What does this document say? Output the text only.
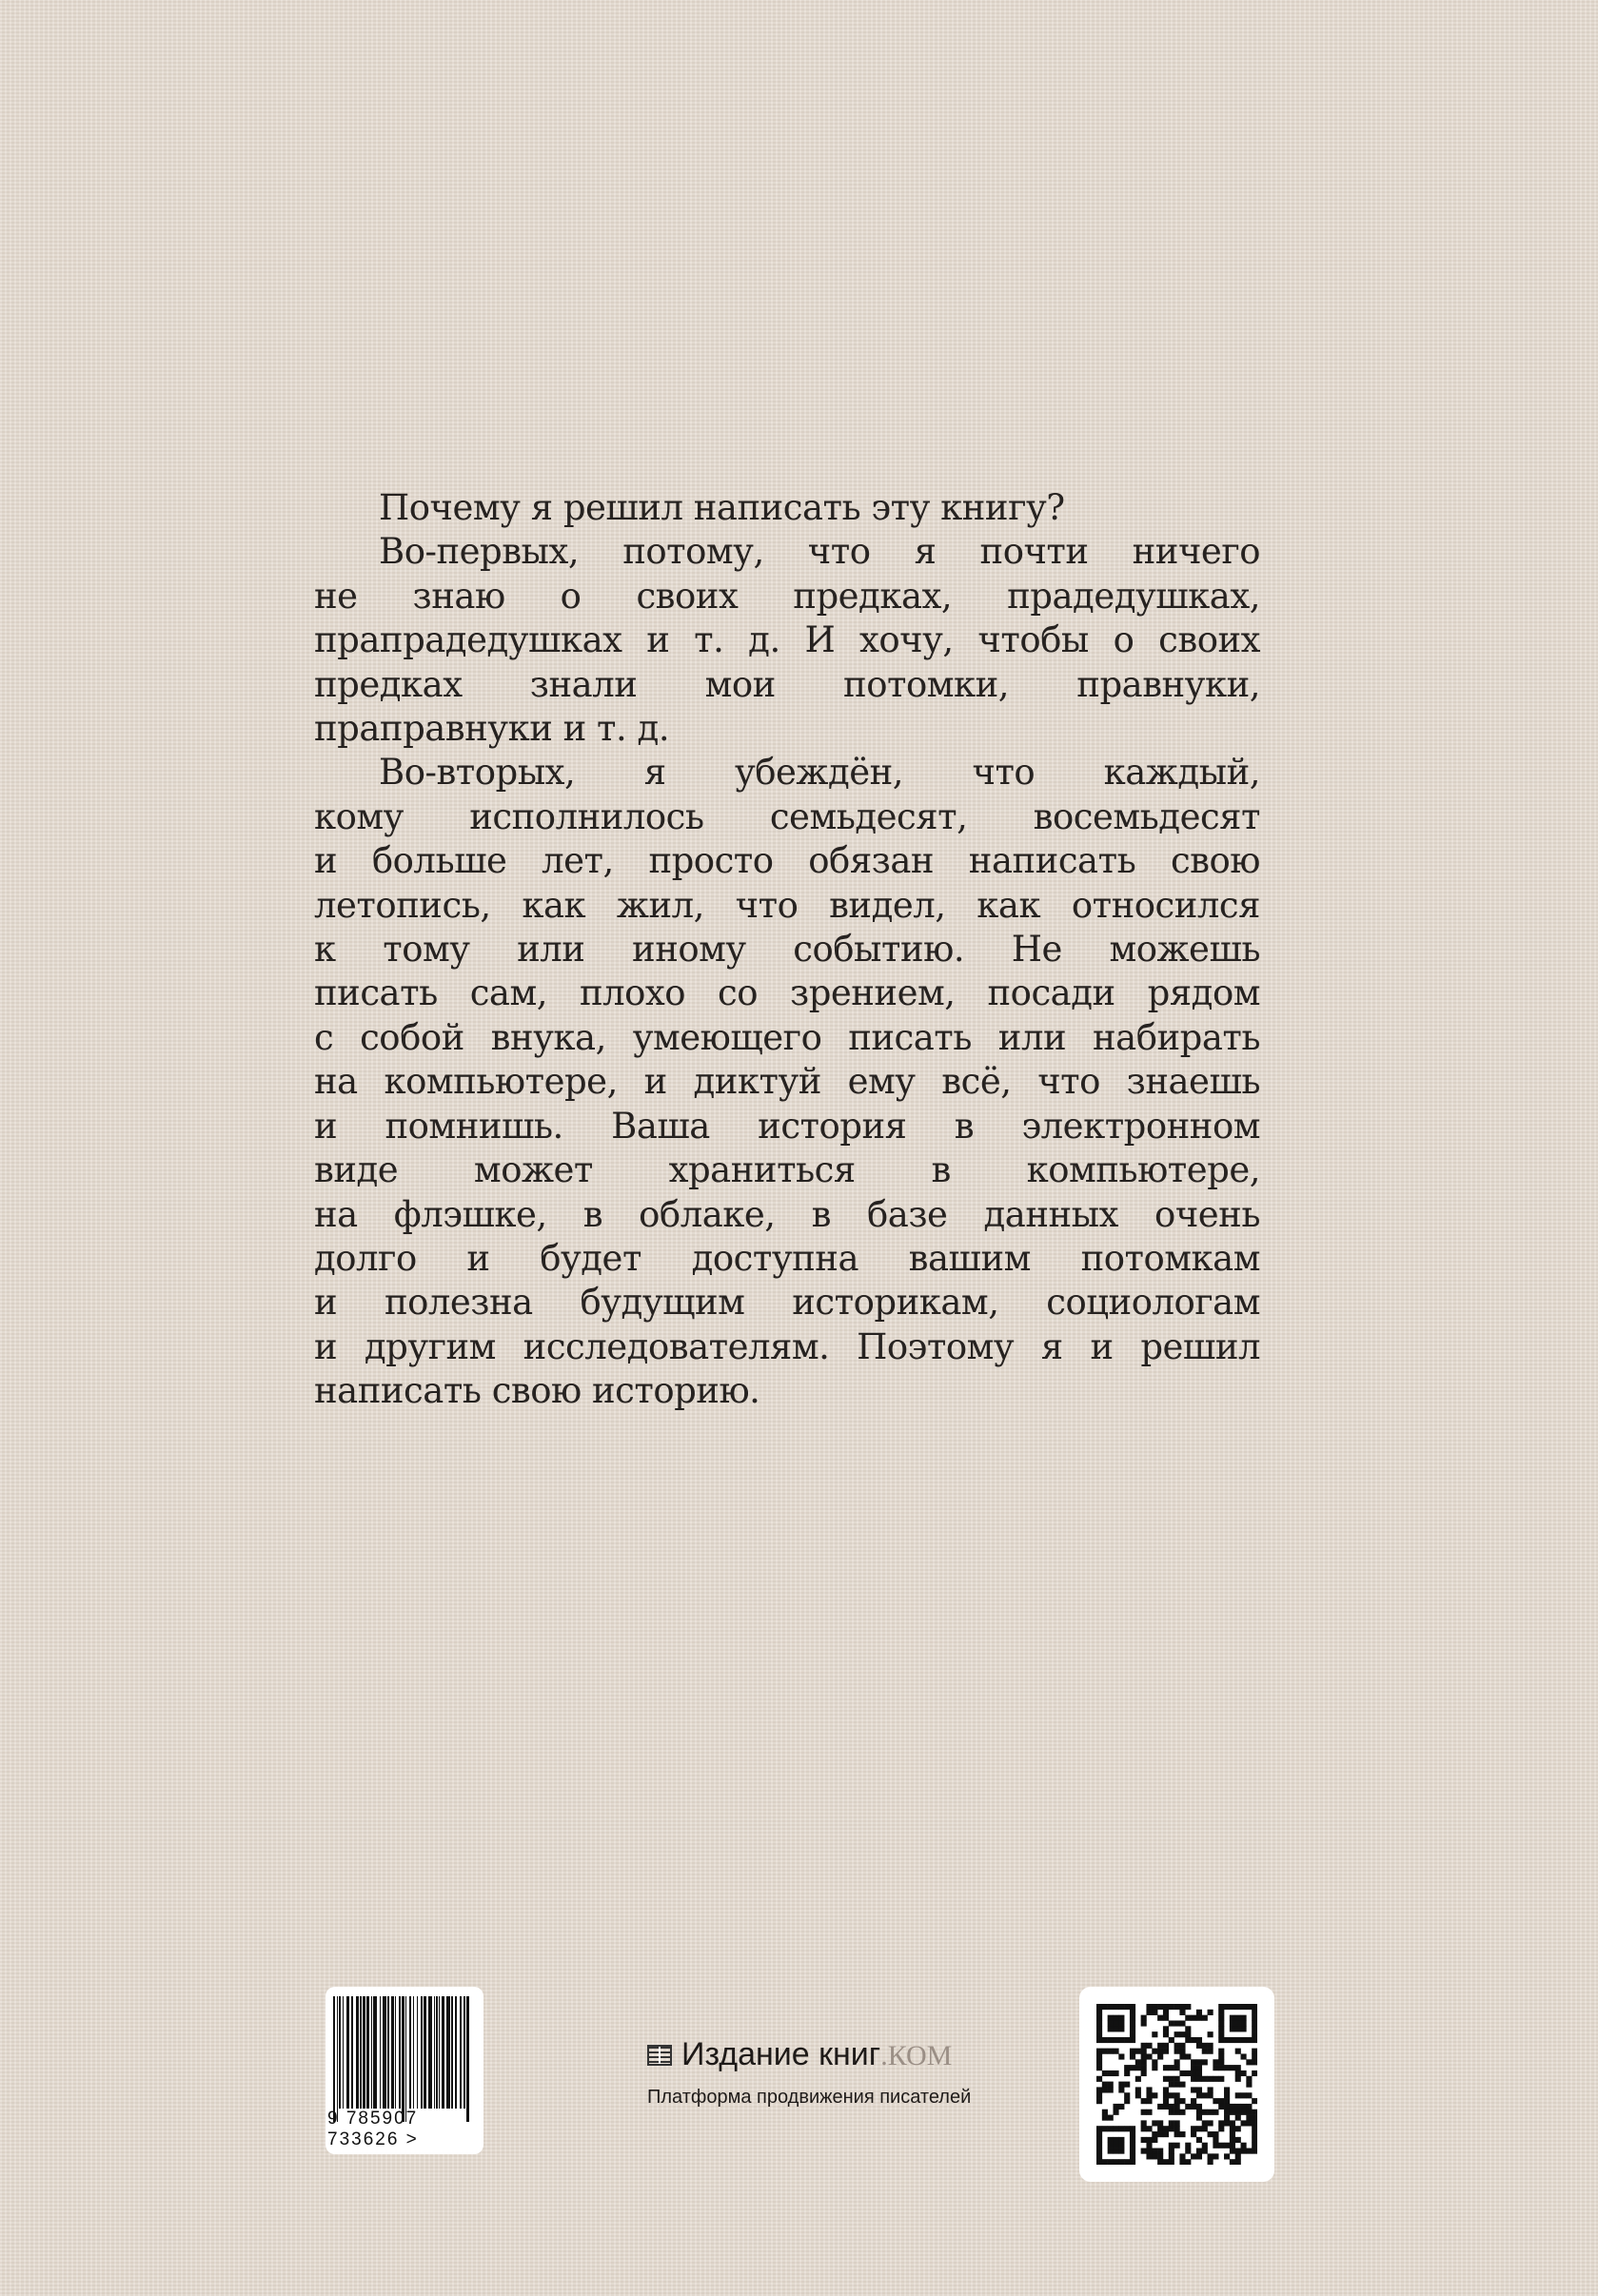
Почему я решил написать эту книгу?
Во-первых, потому, что я почти ничего
не знаю о своих предках, прадедушках,
прапрадедушках и т. д. И хочу, чтобы о своих
предках знали мои потомки, правнуки,
праправнуки и т. д.
Во-вторых, я убеждён, что каждый,
кому исполнилось семьдесят, восемьдесят
и больше лет, просто обязан написать свою
летопись, как жил, что видел, как относился
к тому или иному событию. Не можешь
писать сам, плохо со зрением, посади рядом
с собой внука, умеющего писать или набирать
на компьютере, и диктуй ему всё, что знаешь
и помнишь. Ваша история в электронном
виде может храниться в компьютере,
на флэшке, в облаке, в базе данных очень
долго и будет доступна вашим потомкам
и полезна будущим историкам, социологам
и другим исследователям. Поэтому я и решил
написать свою историю.
9 785907 733626 >
Издание книг.КОМ
Платформа продвижения писателей
